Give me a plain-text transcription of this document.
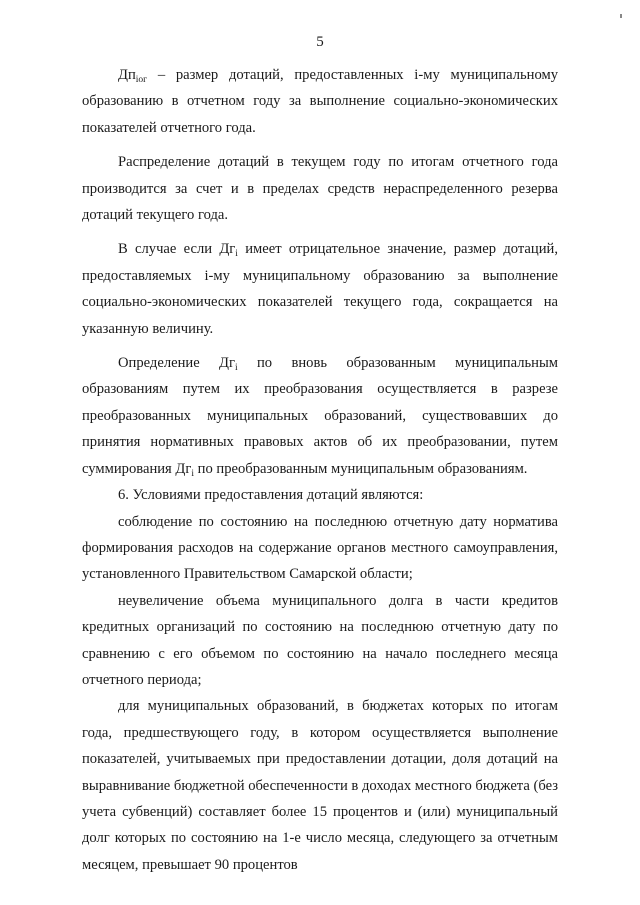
5

$Дп_{iог}$ – размер дотаций, предоставленных i-му муниципальному образованию в отчетном году за выполнение социально-экономических показателей отчетного года.

Распределение дотаций в текущем году по итогам отчетного года производится за счет и в пределах средств нераспределенного резерва дотаций текущего года.

В случае если $Дг_i$ имеет отрицательное значение, размер дотаций, предоставляемых i-му муниципальному образованию за выполнение социально-экономических показателей текущего года, сокращается на указанную величину.

Определение $Дг_i$ по вновь образованным муниципальным образованиям путем их преобразования осуществляется в разрезе преобразованных муниципальных образований, существовавших до принятия нормативных правовых актов об их преобразовании, путем суммирования $Дг_i$ по преобразованным муниципальным образованиям.

6. Условиями предоставления дотаций являются:

соблюдение по состоянию на последнюю отчетную дату норматива формирования расходов на содержание органов местного самоуправления, установленного Правительством Самарской области;

неувеличение объема муниципального долга в части кредитов кредитных организаций по состоянию на последнюю отчетную дату по сравнению с его объемом по состоянию на начало последнего месяца отчетного периода;

для муниципальных образований, в бюджетах которых по итогам года, предшествующего году, в котором осуществляется выполнение показателей, учитываемых при предоставлении дотации, доля дотаций на выравнивание бюджетной обеспеченности в доходах местного бюджета (без учета субвенций) составляет более 15 процентов и (или) муниципальный долг которых по состоянию на 1-е число месяца, следующего за отчетным месяцем, превышает 90 процентов
